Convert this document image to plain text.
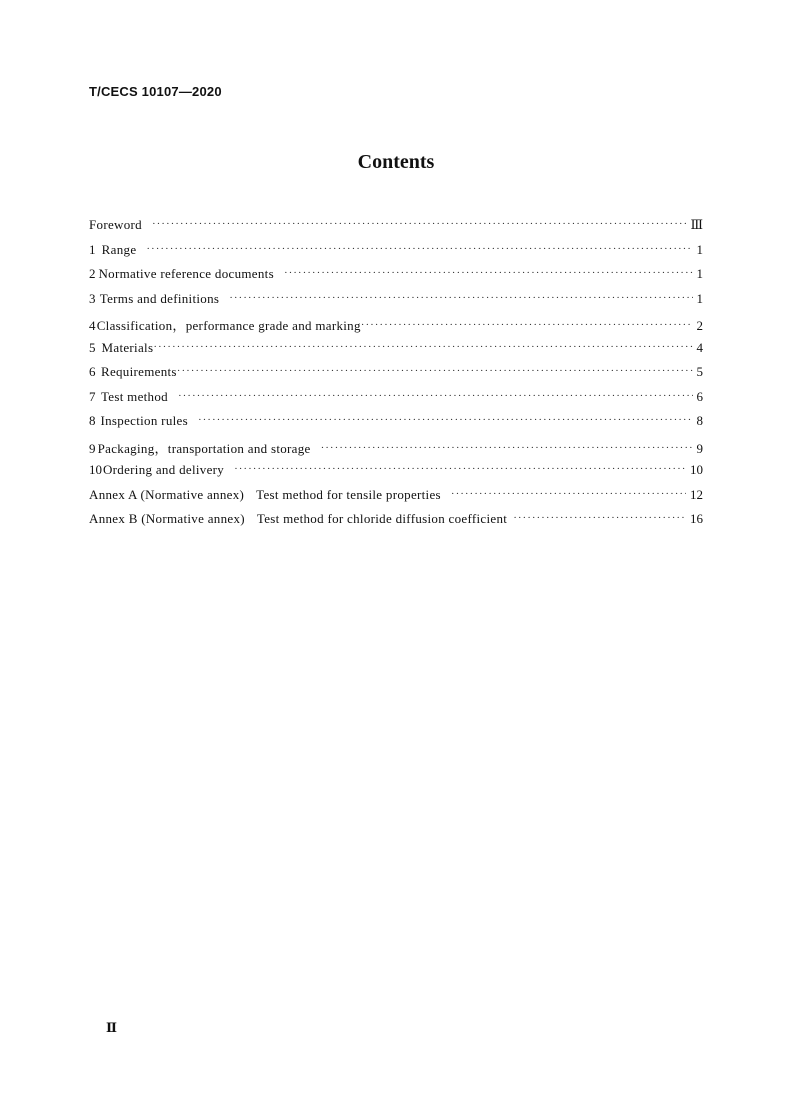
T/CECS 10107—2020
Contents
Foreword ·····	Ⅲ
1 Range ·····	1
2 Normative reference documents ·····	1
3 Terms and definitions ·····	1
4 Classification，performance grade and marking ·····	2
5 Materials ·····	4
6 Requirements ·····	5
7 Test method ·····	6
8 Inspection rules ·····	8
9 Packaging，transportation and storage ·····	9
10 Ordering and delivery ·····	10
Annex A (Normative annex) Test method for tensile properties ·····	12
Annex B (Normative annex) Test method for chloride diffusion coefficient ·····	16
Ⅱ
